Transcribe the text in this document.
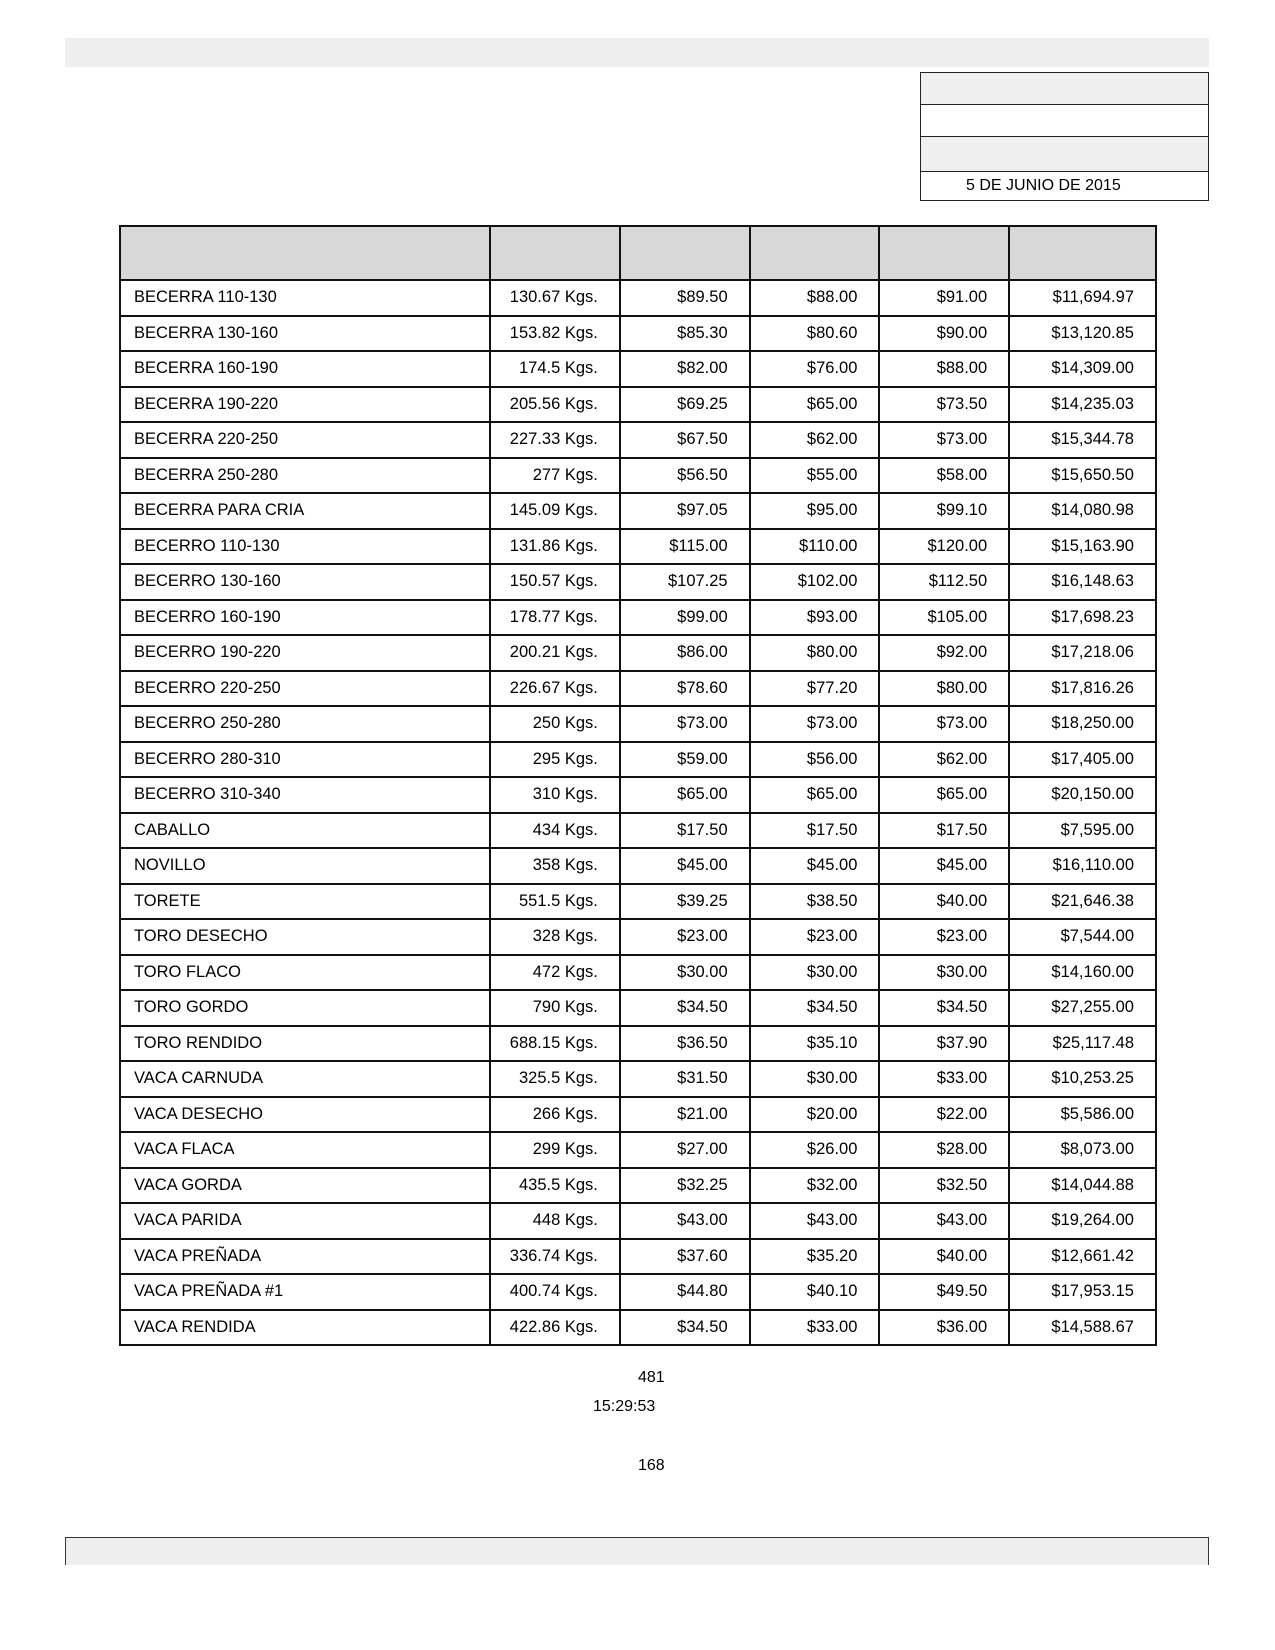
5 DE JUNIO DE 2015

BECERRA 110-130	130.67 Kgs.	$89.50	$88.00	$91.00	$11,694.97
BECERRA 130-160	153.82 Kgs.	$85.30	$80.60	$90.00	$13,120.85
BECERRA 160-190	174.5 Kgs.	$82.00	$76.00	$88.00	$14,309.00
BECERRA 190-220	205.56 Kgs.	$69.25	$65.00	$73.50	$14,235.03
BECERRA 220-250	227.33 Kgs.	$67.50	$62.00	$73.00	$15,344.78
BECERRA 250-280	277 Kgs.	$56.50	$55.00	$58.00	$15,650.50
BECERRA PARA CRIA	145.09 Kgs.	$97.05	$95.00	$99.10	$14,080.98
BECERRO 110-130	131.86 Kgs.	$115.00	$110.00	$120.00	$15,163.90
BECERRO 130-160	150.57 Kgs.	$107.25	$102.00	$112.50	$16,148.63
BECERRO 160-190	178.77 Kgs.	$99.00	$93.00	$105.00	$17,698.23
BECERRO 190-220	200.21 Kgs.	$86.00	$80.00	$92.00	$17,218.06
BECERRO 220-250	226.67 Kgs.	$78.60	$77.20	$80.00	$17,816.26
BECERRO 250-280	250 Kgs.	$73.00	$73.00	$73.00	$18,250.00
BECERRO 280-310	295 Kgs.	$59.00	$56.00	$62.00	$17,405.00
BECERRO 310-340	310 Kgs.	$65.00	$65.00	$65.00	$20,150.00
CABALLO	434 Kgs.	$17.50	$17.50	$17.50	$7,595.00
NOVILLO	358 Kgs.	$45.00	$45.00	$45.00	$16,110.00
TORETE	551.5 Kgs.	$39.25	$38.50	$40.00	$21,646.38
TORO DESECHO	328 Kgs.	$23.00	$23.00	$23.00	$7,544.00
TORO FLACO	472 Kgs.	$30.00	$30.00	$30.00	$14,160.00
TORO GORDO	790 Kgs.	$34.50	$34.50	$34.50	$27,255.00
TORO RENDIDO	688.15 Kgs.	$36.50	$35.10	$37.90	$25,117.48
VACA CARNUDA	325.5 Kgs.	$31.50	$30.00	$33.00	$10,253.25
VACA DESECHO	266 Kgs.	$21.00	$20.00	$22.00	$5,586.00
VACA FLACA	299 Kgs.	$27.00	$26.00	$28.00	$8,073.00
VACA GORDA	435.5 Kgs.	$32.25	$32.00	$32.50	$14,044.88
VACA PARIDA	448 Kgs.	$43.00	$43.00	$43.00	$19,264.00
VACA PREÑADA	336.74 Kgs.	$37.60	$35.20	$40.00	$12,661.42
VACA PREÑADA #1	400.74 Kgs.	$44.80	$40.10	$49.50	$17,953.15
VACA RENDIDA	422.86 Kgs.	$34.50	$33.00	$36.00	$14,588.67
481
15:29:53
168
